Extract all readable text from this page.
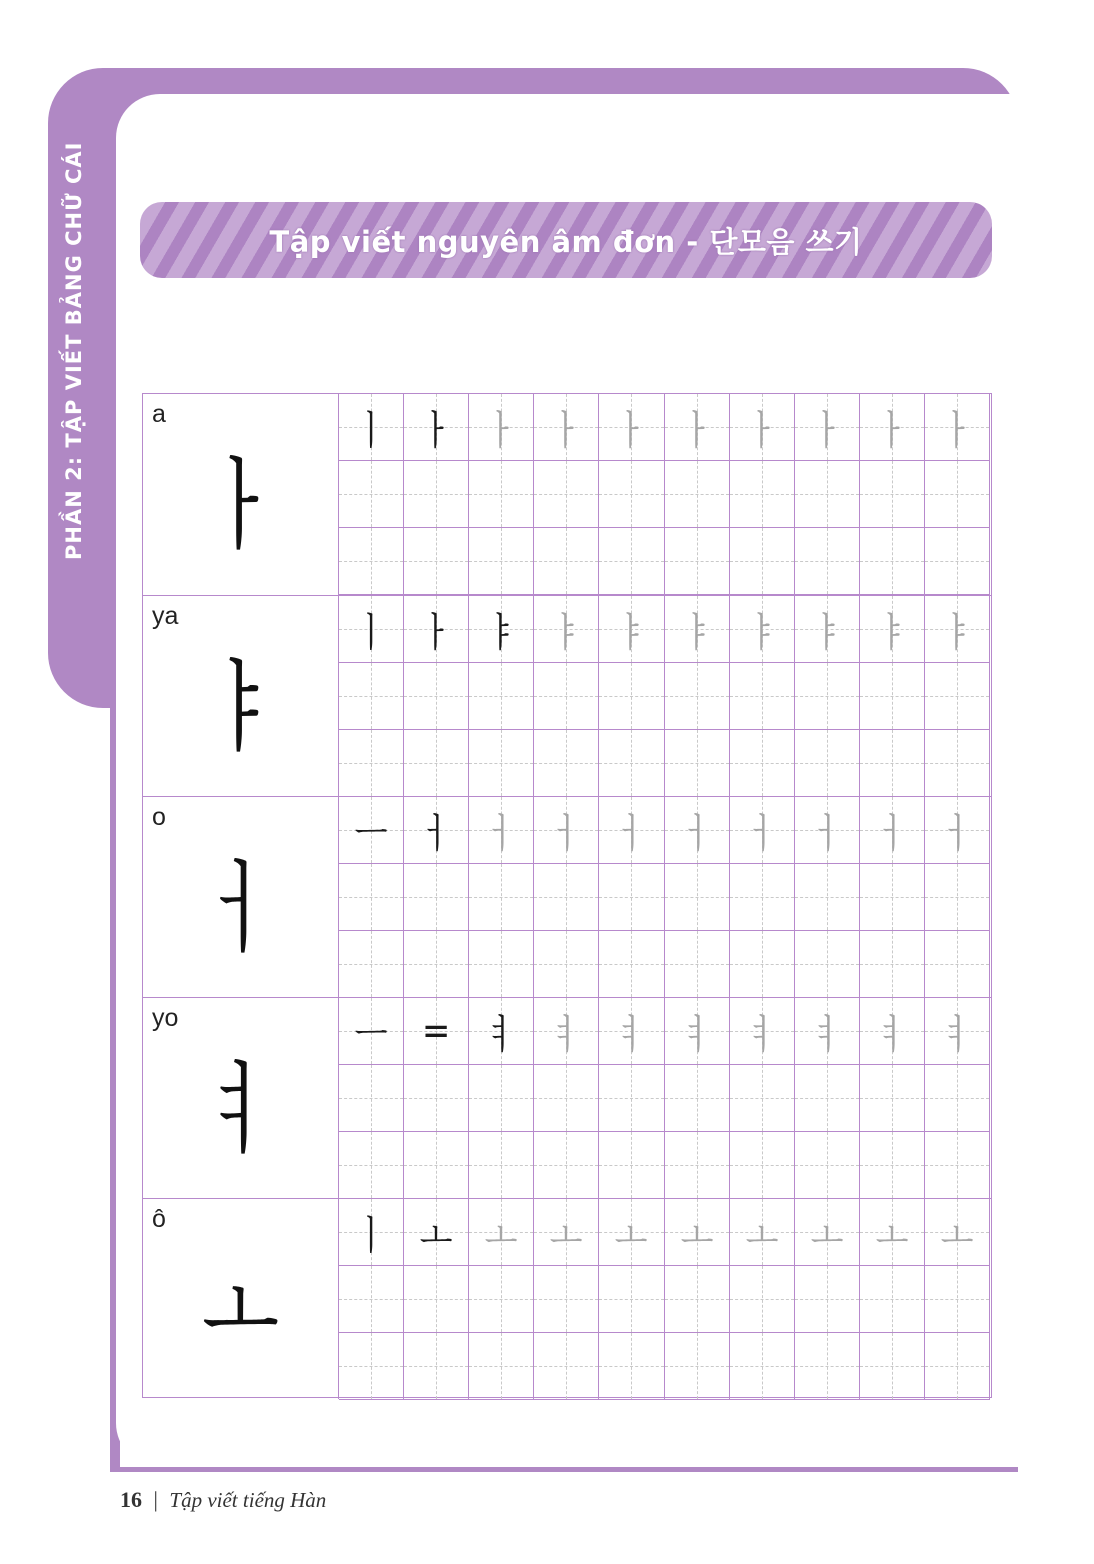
PHẦN 2: TẬP VIẾT BẢNG CHỮ CÁI	Tập viết nguyên âm đơn - 단모음 쓰기
a
ㅏ
ㅣ ㅏ ㅏ ㅏ ㅏ ㅏ ㅏ ㅏ ㅏ ㅏ
ya
ㅑ
ㅣ ㅏ ㅑ ㅑ ㅑ ㅑ ㅑ ㅑ ㅑ ㅑ
o
ㅓ
ㅡ ㅓ ㅓ ㅓ ㅓ ㅓ ㅓ ㅓ ㅓ ㅓ
yo
ㅕ
ㅡ = ㅕ ㅕ ㅕ ㅕ ㅕ ㅕ ㅕ ㅕ
ô
ㅗ
ㅣ ㅗ ㅗ ㅗ ㅗ ㅗ ㅗ ㅗ ㅗ ㅗ
16 | Tập viết tiếng Hàn
